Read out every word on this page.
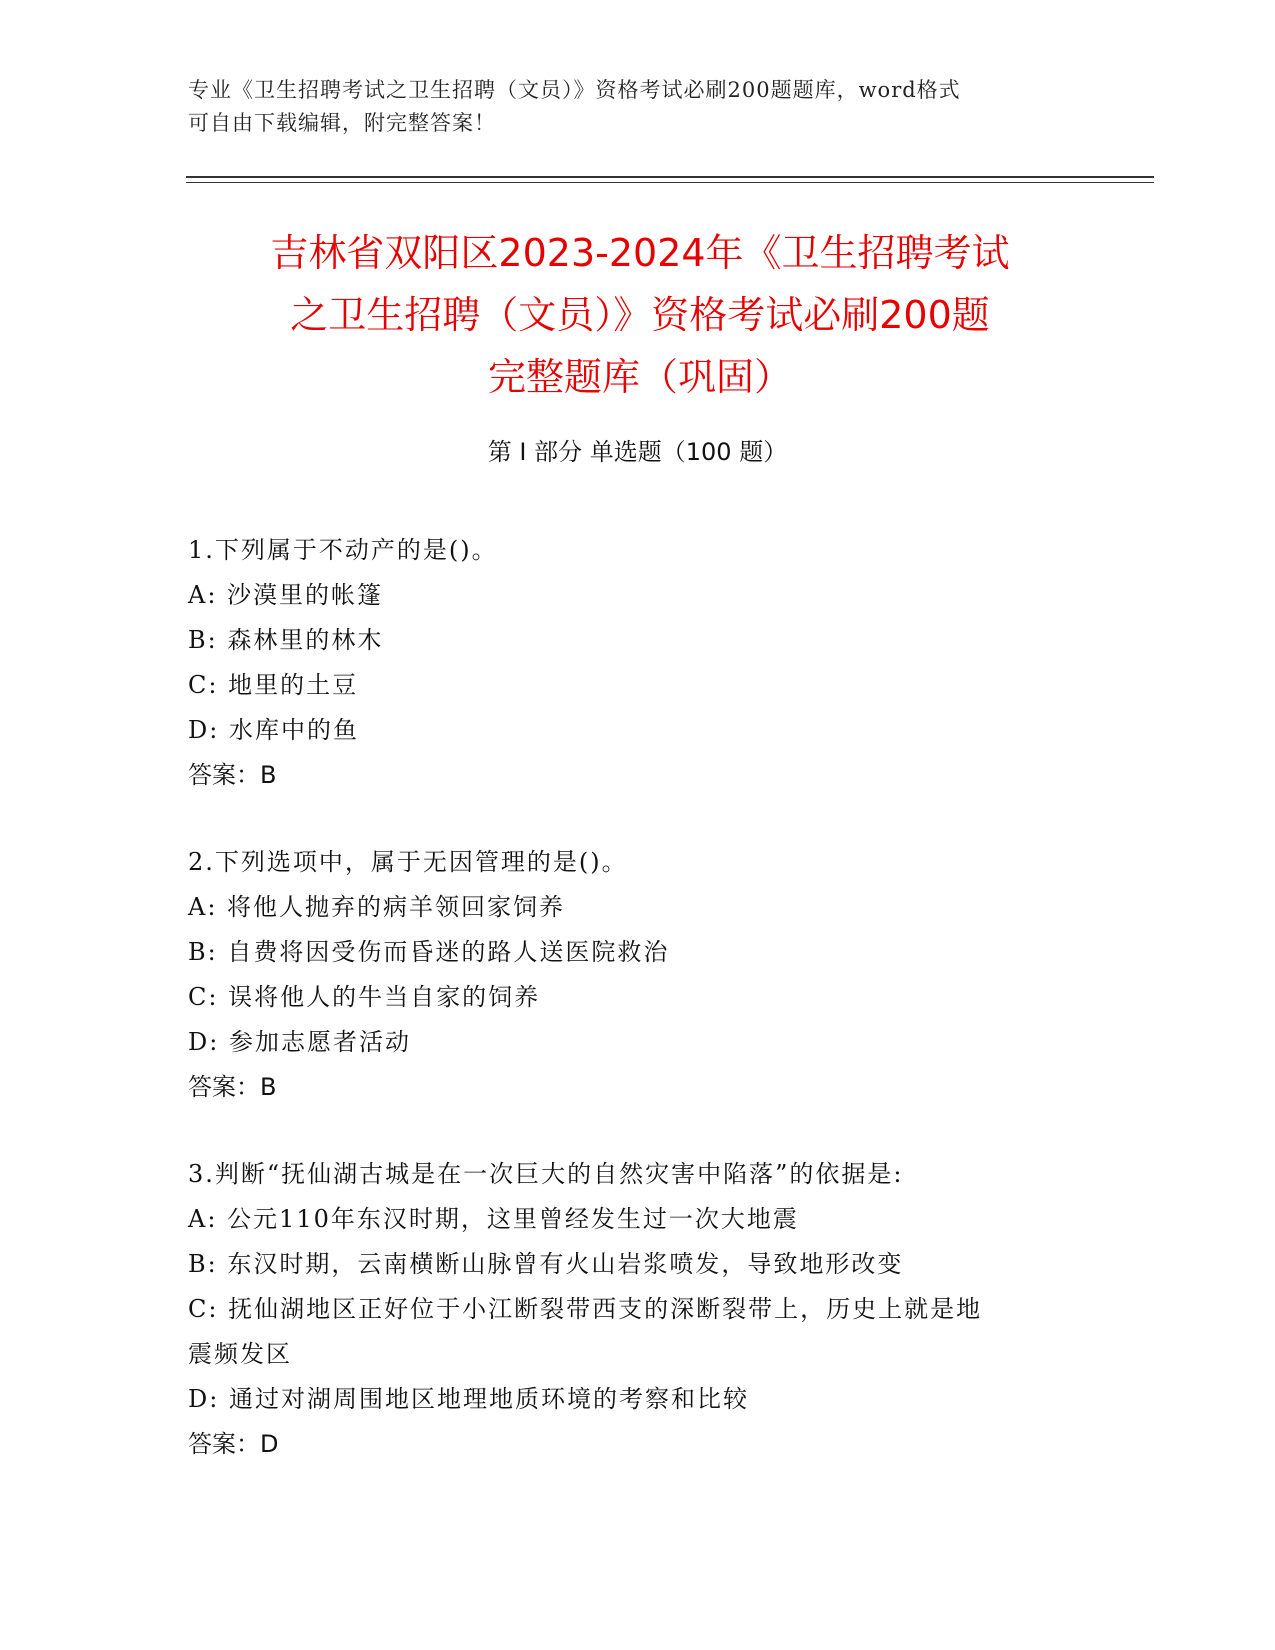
专业《卫生招聘考试之卫生招聘（文员）》资格考试必刷200题题库，word格式
可自由下载编辑，附完整答案！
吉林省双阳区2023-2024年《卫生招聘考试
之卫生招聘（文员）》资格考试必刷200题
完整题库（巩固）
第 I 部分 单选题（100 题）
1.下列属于不动产的是()。
A: 沙漠里的帐篷
B: 森林里的林木
C: 地里的土豆
D: 水库中的鱼
答案：B
2.下列选项中，属于无因管理的是()。
A: 将他人抛弃的病羊领回家饲养
B: 自费将因受伤而昏迷的路人送医院救治
C: 误将他人的牛当自家的饲养
D: 参加志愿者活动
答案：B
3.判断“抚仙湖古城是在一次巨大的自然灾害中陷落”的依据是:
A: 公元110年东汉时期，这里曾经发生过一次大地震
B: 东汉时期，云南横断山脉曾有火山岩浆喷发，导致地形改变
C: 抚仙湖地区正好位于小江断裂带西支的深断裂带上，历史上就是地
震频发区
D: 通过对湖周围地区地理地质环境的考察和比较
答案：D
